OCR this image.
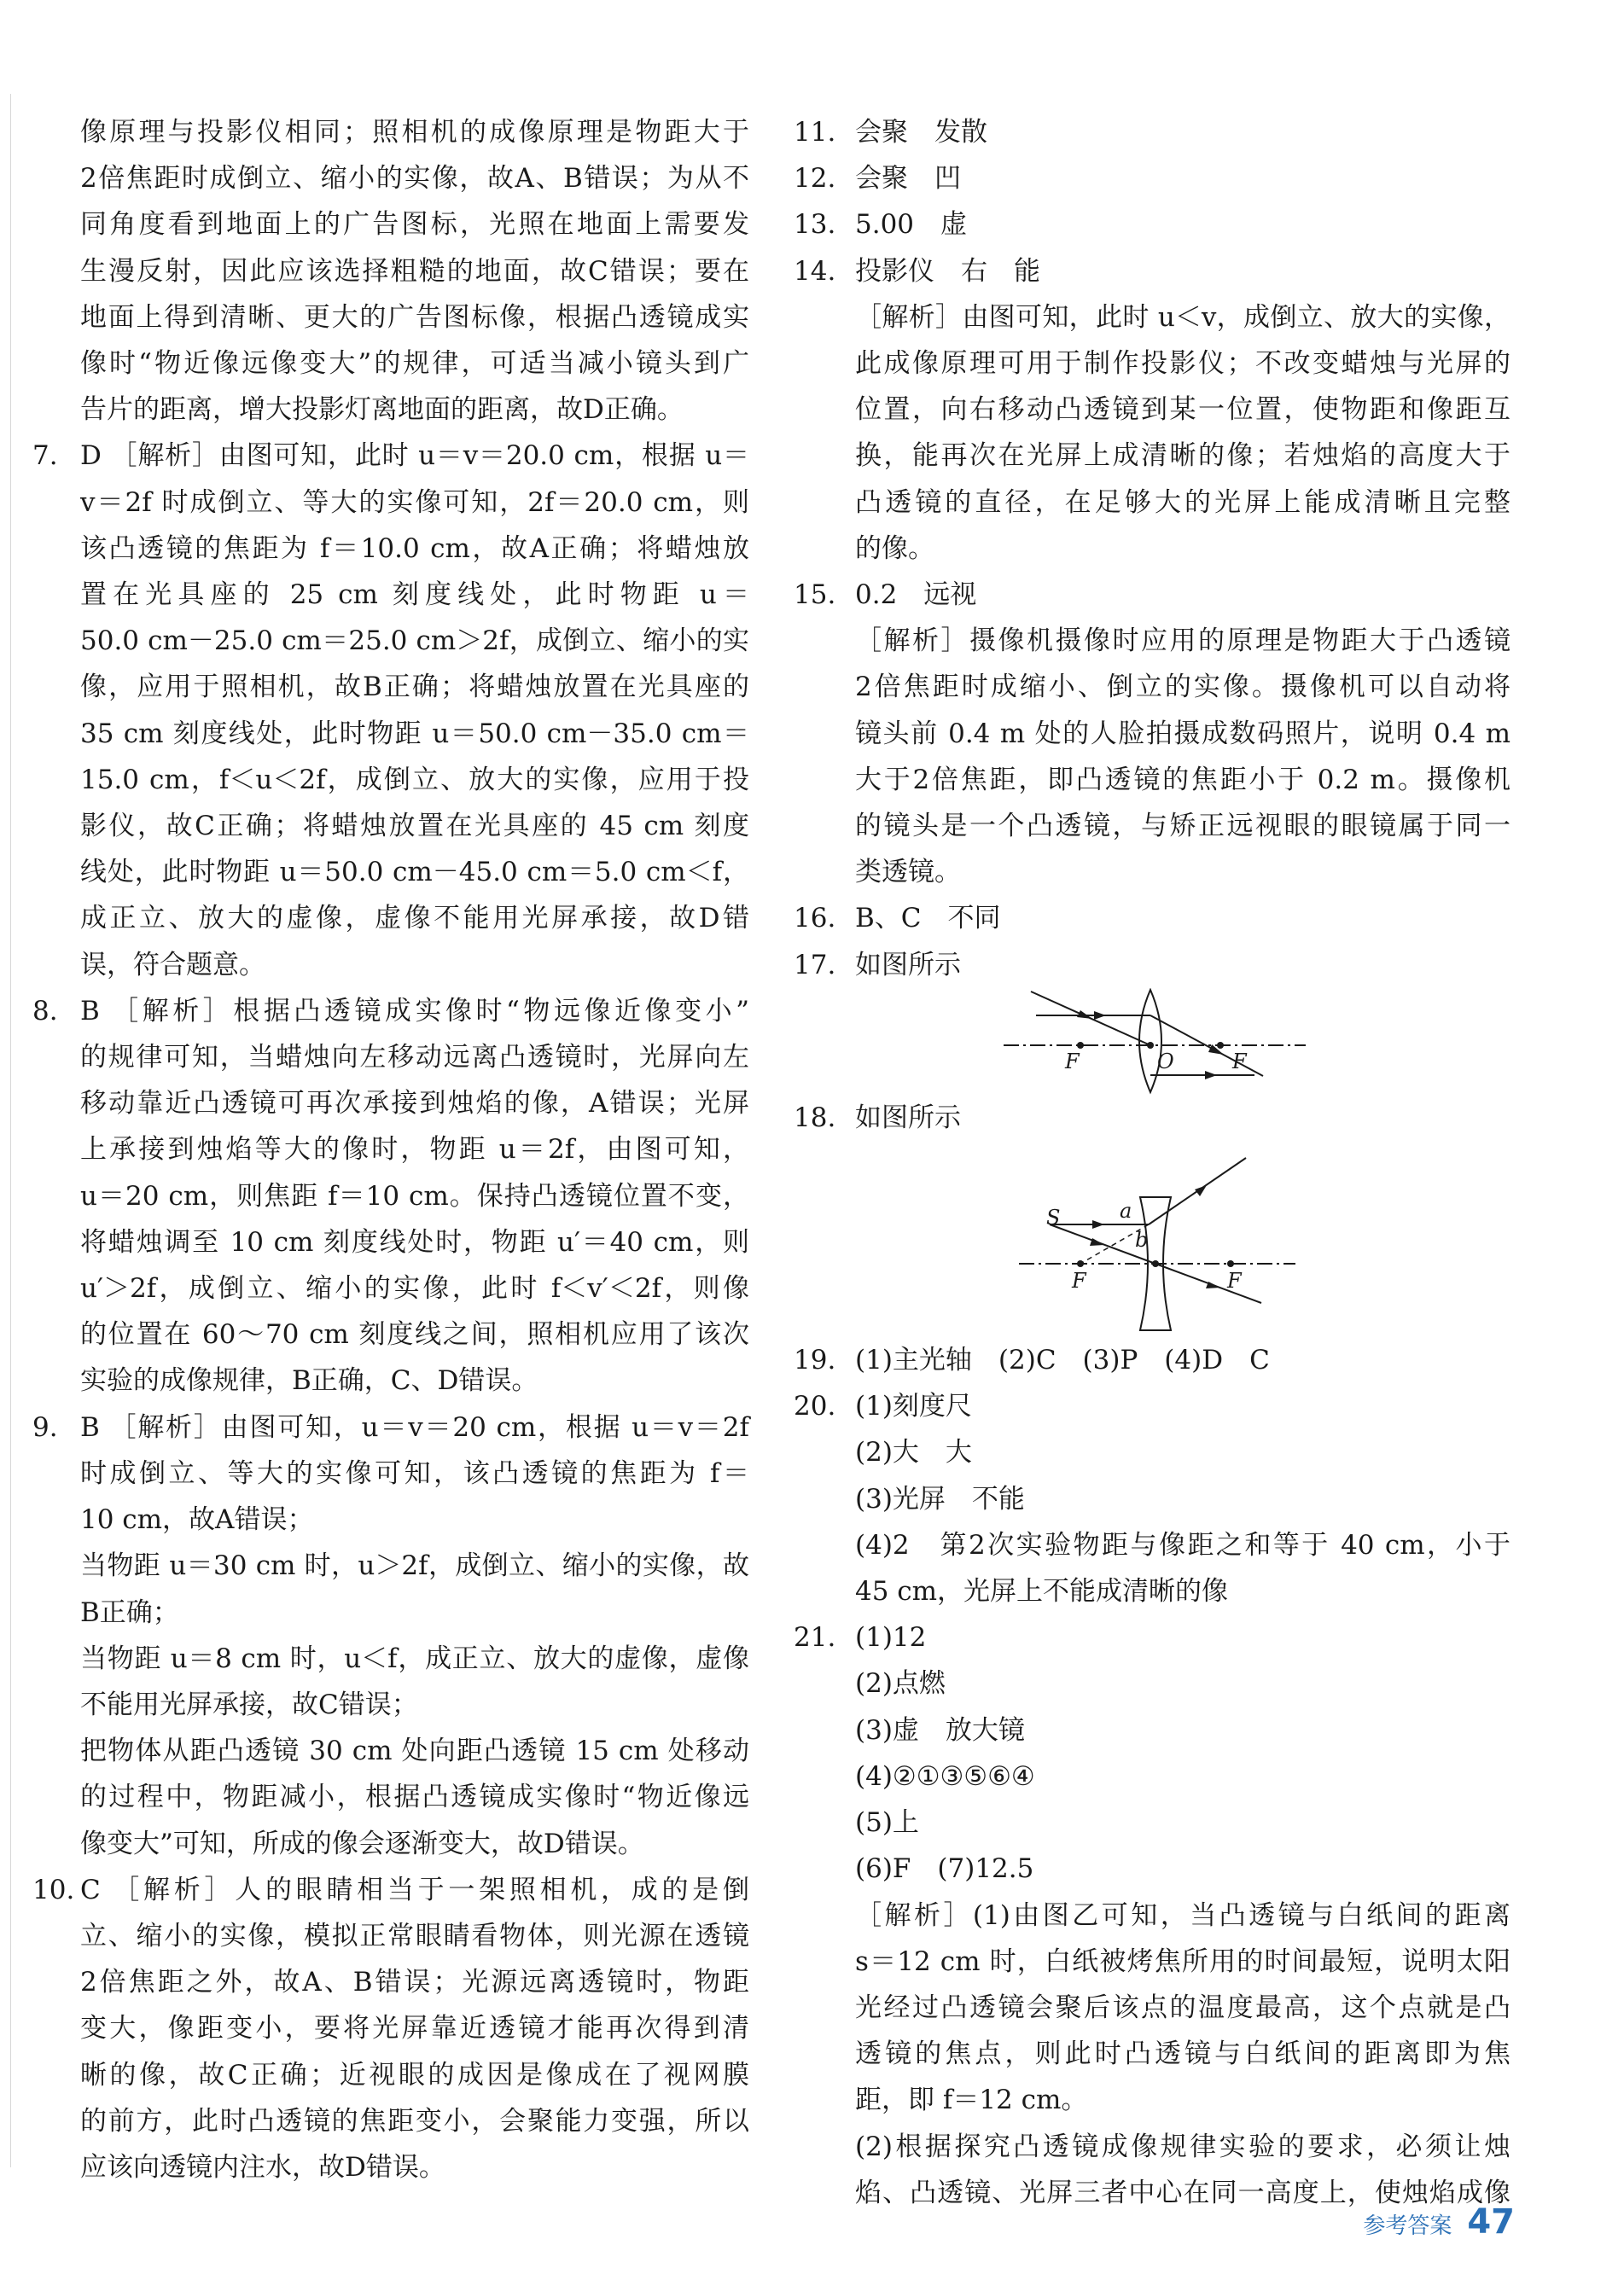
像原理与投影仪相同；照相机的成像原理是物距大于

2倍焦距时成倒立、缩小的实像，故A、B错误；为从不

同角度看到地面上的广告图标，光照在地面上需要发

生漫反射，因此应该选择粗糙的地面，故C错误；要在

地面上得到清晰、更大的广告图标像，根据凸透镜成实

像时“物近像远像变大”的规律，可适当减小镜头到广

告片的距离，增大投影灯离地面的距离，故D正确。

7. D ［解析］由图可知，此时 u＝v＝20.0 cm，根据 u＝

v＝2f 时成倒立、等大的实像可知，2f＝20.0 cm，则

该凸透镜的焦距为 f＝10.0 cm，故A正确；将蜡烛放

置在光具座的 25 cm 刻度线处，此时物距 u＝

50.0 cm－25.0 cm＝25.0 cm＞2f，成倒立、缩小的实

像，应用于照相机，故B正确；将蜡烛放置在光具座的

35 cm 刻度线处，此时物距 u＝50.0 cm－35.0 cm＝

15.0 cm，f＜u＜2f，成倒立、放大的实像，应用于投

影仪，故C正确；将蜡烛放置在光具座的 45 cm 刻度

线处，此时物距 u＝50.0 cm－45.0 cm＝5.0 cm＜f，

成正立、放大的虚像，虚像不能用光屏承接，故D错

误，符合题意。

8. B ［解析］根据凸透镜成实像时“物远像近像变小”

的规律可知，当蜡烛向左移动远离凸透镜时，光屏向左

移动靠近凸透镜可再次承接到烛焰的像，A错误；光屏

上承接到烛焰等大的像时，物距 u＝2f，由图可知，

u＝20 cm，则焦距 f＝10 cm。保持凸透镜位置不变，

将蜡烛调至 10 cm 刻度线处时，物距 u′＝40 cm，则

u′＞2f，成倒立、缩小的实像，此时 f＜v′＜2f，则像

的位置在 60～70 cm 刻度线之间，照相机应用了该次

实验的成像规律，B正确，C、D错误。

9. B ［解析］由图可知，u＝v＝20 cm，根据 u＝v＝2f

时成倒立、等大的实像可知，该凸透镜的焦距为 f＝

10 cm，故A错误；

当物距 u＝30 cm 时，u＞2f，成倒立、缩小的实像，故

B正确；

当物距 u＝8 cm 时，u＜f，成正立、放大的虚像，虚像

不能用光屏承接，故C错误；

把物体从距凸透镜 30 cm 处向距凸透镜 15 cm 处移动

的过程中，物距减小，根据凸透镜成实像时“物近像远

像变大”可知，所成的像会逐渐变大，故D错误。

10. C ［解析］人的眼睛相当于一架照相机，成的是倒

立、缩小的实像，模拟正常眼睛看物体，则光源在透镜

2倍焦距之外，故A、B错误；光源远离透镜时，物距

变大，像距变小，要将光屏靠近透镜才能再次得到清

晰的像，故C正确；近视眼的成因是像成在了视网膜

的前方，此时凸透镜的焦距变小，会聚能力变强，所以

应该向透镜内注水，故D错误。

11. 会聚　发散
12. 会聚　凹
13. 5.00　虚
14. 投影仪　右　能

［解析］由图可知，此时 u＜v，成倒立、放大的实像，

此成像原理可用于制作投影仪；不改变蜡烛与光屏的

位置，向右移动凸透镜到某一位置，使物距和像距互

换，能再次在光屏上成清晰的像；若烛焰的高度大于

凸透镜的直径，在足够大的光屏上能成清晰且完整

的像。

15. 0.2　远视

［解析］摄像机摄像时应用的原理是物距大于凸透镜

2倍焦距时成缩小、倒立的实像。摄像机可以自动将

镜头前 0.4 m 处的人脸拍摄成数码照片，说明 0.4 m

大于2倍焦距，即凸透镜的焦距小于 0.2 m。摄像机

的镜头是一个凸透镜，与矫正远视眼的眼镜属于同一

类透镜。

16. B、C　不同
17. 如图所示
F	O	F
18. 如图所示
S	a
b
F	F
19. (1)主光轴　(2)C　(3)P　(4)D　C
20. (1)刻度尺
(2)大　大
(3)光屏　不能

(4)2　第2次实验物距与像距之和等于 40 cm，小于

45 cm，光屏上不能成清晰的像

21. (1)12
(2)点燃
(3)虚　放大镜
(4)②①③⑤⑥④
(5)上
(6)F　(7)12.5

［解析］(1)由图乙可知，当凸透镜与白纸间的距离

s＝12 cm 时，白纸被烤焦所用的时间最短，说明太阳

光经过凸透镜会聚后该点的温度最高，这个点就是凸

透镜的焦点，则此时凸透镜与白纸间的距离即为焦

距，即 f＝12 cm。

(2)根据探究凸透镜成像规律实验的要求，必须让烛

焰、凸透镜、光屏三者中心在同一高度上，使烛焰成像

参考答案 47
